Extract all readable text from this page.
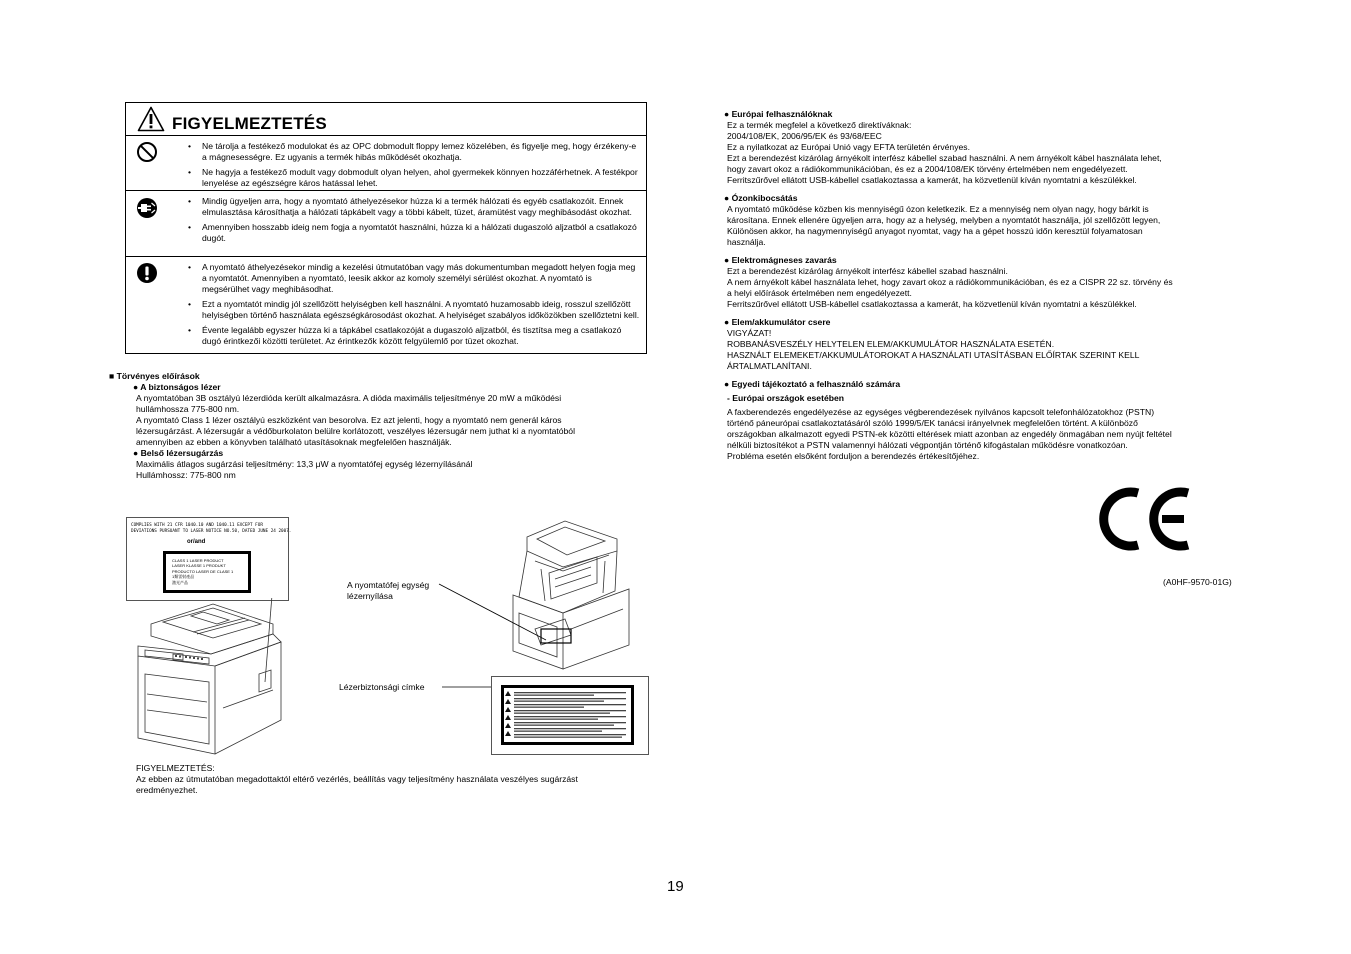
FIGYELMEZTETÉS
• Ne tárolja a festékező modulokat és az OPC dobmodult floppy lemez közelében, és figyelje meg, hogy érzékeny-e a mágnesességre. Ez ugyanis a termék hibás működését okozhatja.
• Ne hagyja a festékező modult vagy dobmodult olyan helyen, ahol gyermekek könnyen hozzáférhetnek. A festékpor lenyelése az egészségre káros hatással lehet.
• Mindig ügyeljen arra, hogy a nyomtató áthelyezésekor húzza ki a termék hálózati és egyéb csatlakozóit. Ennek elmulasztása károsíthatja a hálózati tápkábelt vagy a többi kábelt, tüzet, áramütést vagy meghibásodást okozhat.
• Amennyiben hosszabb ideig nem fogja a nyomtatót használni, húzza ki a hálózati dugaszoló aljzatból a csatlakozó dugót.
• A nyomtató áthelyezésekor mindig a kezelési útmutatóban vagy más dokumentumban megadott helyen fogja meg a nyomtatót. Amennyiben a nyomtató, leesik akkor az komoly személyi sérülést okozhat. A nyomtató is megsérülhet vagy meghibásodhat.
• Ezt a nyomtatót mindig jól szellőzött helyiségben kell használni. A nyomtató huzamosabb ideig, rosszul szellőzött helyiségben történő használata egészségkárosodást okozhat. A helyiséget szabályos időközökben szellőztetni kell.
• Évente legalább egyszer húzza ki a tápkábel csatlakozóját a dugaszoló aljzatból, és tisztítsa meg a csatlakozó dugó érintkezői közötti területet. Az érintkezők között felgyülemlő por tüzet okozhat.
■ Törvényes előírások
● A biztonságos lézer
A nyomtatóban 3B osztályú lézerdióda került alkalmazásra. A dióda maximális teljesítménye 20 mW a működési
hullámhossza 775-800 nm.
A nyomtató Class 1 lézer osztályú eszközként van besorolva. Ez azt jelenti, hogy a nyomtató nem generál káros
lézersugárzást. A lézersugár a védőburkolaton belülre korlátozott, veszélyes lézersugár nem juthat ki a nyomtatóból
amennyiben az ebben a könyvben található utasításoknak megfelelően használják.
● Belső lézersugárzás
Maximális átlagos sugárzási teljesítmény: 13,3 μW a nyomtatófej egység lézernyílásánál
Hullámhossz: 775-800 nm
COMPLIES WITH 21 CFR 1040.10 AND 1040.11 EXCEPT FOR
DEVIATIONS PURSUANT TO LASER NOTICE NO.50, DATED JUNE 24 2007.
or/and
CLASS 1 LASER PRODUCT
LASER KLASSE 1 PRODUKT
PRODUCTO LASER DE CLASE 1
1類雷射產品
激光产品	A nyomtatófej egység
lézernyílása
Lézerbiztonsági címke
FIGYELMEZTETÉS:
Az ebben az útmutatóban megadottaktól eltérő vezérlés, beállítás vagy teljesítmény használata veszélyes sugárzást
eredményezhet.
● Európai felhasználóknak
Ez a termék megfelel a következő direktíváknak:
2004/108/EK, 2006/95/EK és 93/68/EEC
Ez a nyilatkozat az Európai Unió vagy EFTA területén érvényes.
Ezt a berendezést kizárólag árnyékolt interfész kábellel szabad használni. A nem árnyékolt kábel használata lehet,
hogy zavart okoz a rádiókommunikációban, és ez a 2004/108/EK törvény értelmében nem engedélyezett.
Ferritszűrővel ellátott USB-kábellel csatlakoztassa a kamerát, ha közvetlenül kíván nyomtatni a készülékkel.
● Ózonkibocsátás
A nyomtató működése közben kis mennyiségű ózon keletkezik. Ez a mennyiség nem olyan nagy, hogy bárkit is
károsítana. Ennek ellenére ügyeljen arra, hogy az a helység, melyben a nyomtatót használja, jól szellőzött legyen,
Különösen akkor, ha nagymennyiségű anyagot nyomtat, vagy ha a gépet hosszú időn keresztül folyamatosan
használja.
● Elektromágneses zavarás
Ezt a berendezést kizárólag árnyékolt interfész kábellel szabad használni.
A nem árnyékolt kábel használata lehet, hogy zavart okoz a rádiókommunikációban, és ez a CISPR 22 sz. törvény és
a helyi előírások értelmében nem engedélyezett.
Ferritszűrővel ellátott USB-kábellel csatlakoztassa a kamerát, ha közvetlenül kíván nyomtatni a készülékkel.
● Elem/akkumulátor csere
VIGYÁZAT!
ROBBANÁSVESZÉLY HELYTELEN ELEM/AKKUMULÁTOR HASZNÁLATA ESETÉN.
HASZNÁLT ELEMEKET/AKKUMULÁTOROKAT A HASZNÁLATI UTASÍTÁSBAN ELŐÍRTAK SZERINT KELL
ÁRTALMATLANÍTANI.
● Egyedi tájékoztató a felhasználó számára
- Európai országok esetében
A faxberendezés engedélyezése az egységes végberendezések nyilvános kapcsolt telefonhálózatokhoz (PSTN)
történő páneurópai csatlakoztatásáról szóló 1999/5/EK tanácsi irányelvnek megfelelően történt. A különböző
országokban alkalmazott egyedi PSTN-ek közötti eltérések miatt azonban az engedély önmagában nem nyújt feltétel
nélküli biztosítékot a PSTN valamennyi hálózati végpontján történő kifogástalan működésre vonatkozóan.
Probléma esetén elsőként forduljon a berendezés értékesítőjéhez.
(A0HF-9570-01G)
19
